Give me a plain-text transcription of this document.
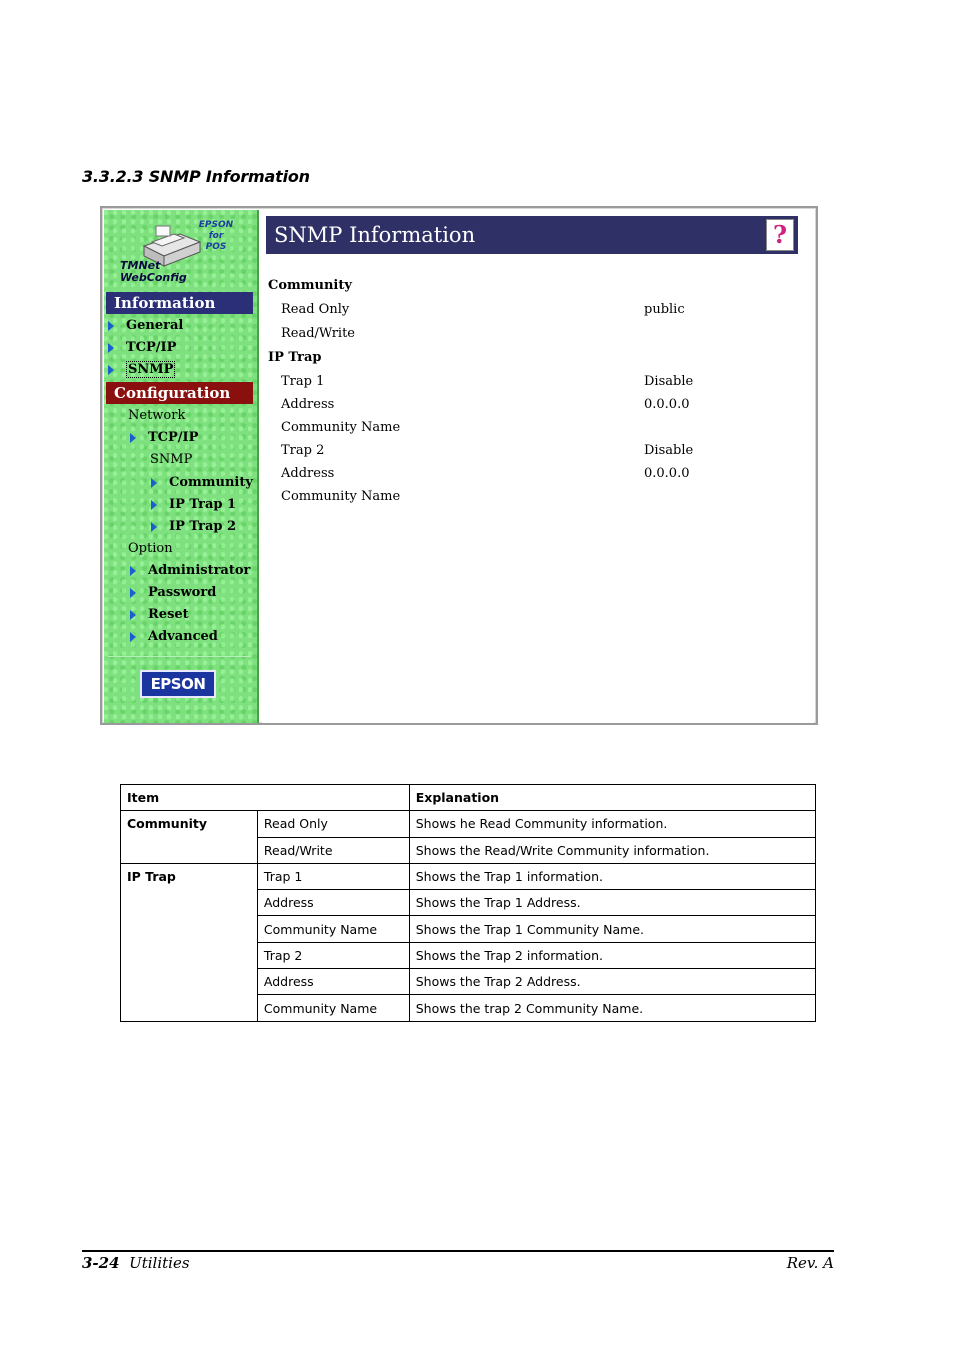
3.3.2.3 SNMP Information
EPSON
for
POS
TMNet
WebConfig
Information
General
TCP/IP
SNMP
Configuration
Network
TCP/IP
SNMP
Community
IP Trap 1
IP Trap 2
Option
Administrator
Password
Reset
Advanced
EPSON
SNMP Information	?
Community
Read Only	public
Read/Write
IP Trap
Trap 1	Disable
Address	0.0.0.0
Community Name
Trap 2	Disable
Address	0.0.0.0
Community Name
Item		Explanation
Community	Read Only	Shows he Read Community information.
	Read/Write	Shows the Read/Write Community information.
IP Trap	Trap 1	Shows the Trap 1 information.
	Address	Shows the Trap 1 Address.
	Community Name	Shows the Trap 1 Community Name.
	Trap 2	Shows the Trap 2 information.
	Address	Shows the Trap 2 Address.
	Community Name	Shows the trap 2 Community Name.
3-24 Utilities	Rev. A
